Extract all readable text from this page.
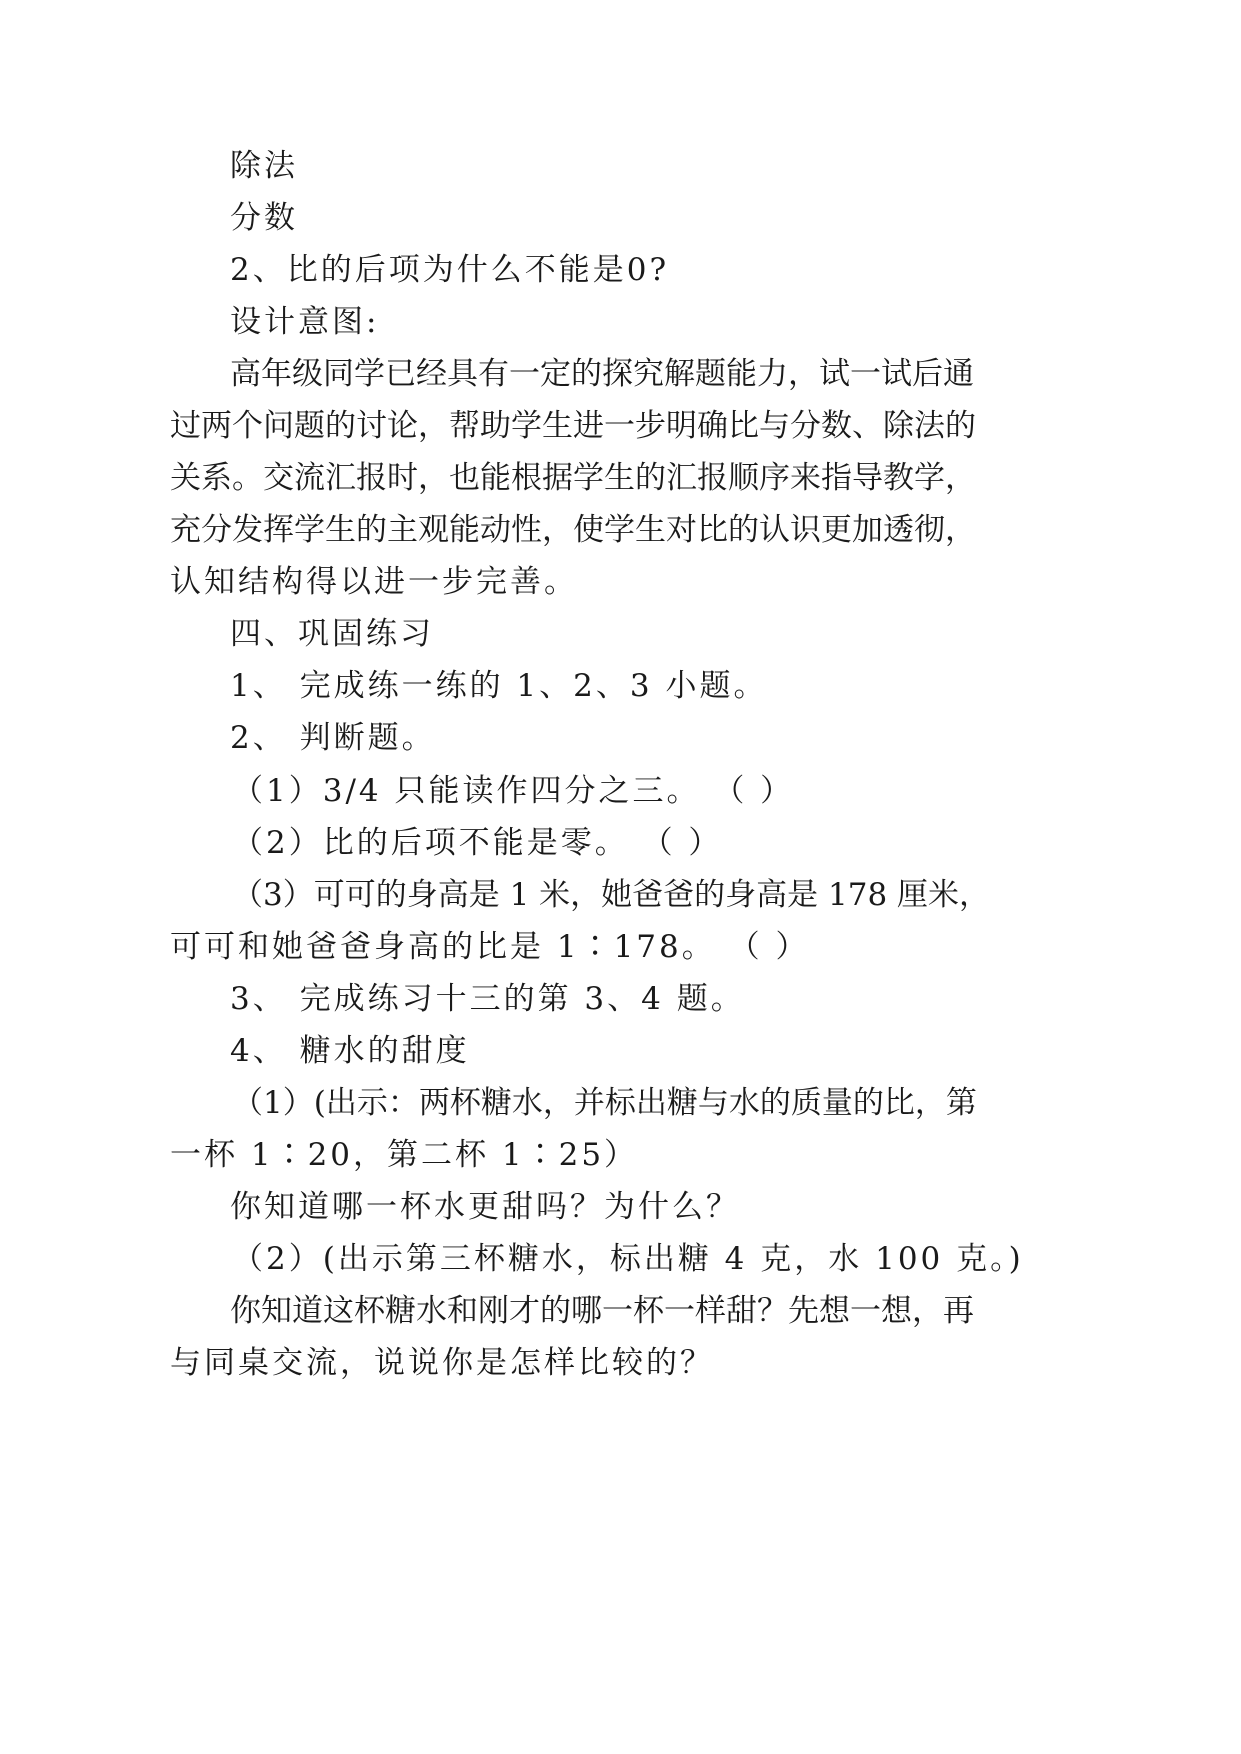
除法
分数
2、比的后项为什么不能是0?
设计意图:
高年级同学已经具有一定的探究解题能力，试一试后通
过两个问题的讨论，帮助学生进一步明确比与分数、除法的
关系。交流汇报时，也能根据学生的汇报顺序来指导教学，
充分发挥学生的主观能动性，使学生对比的认识更加透彻，
认知结构得以进一步完善。
四、巩固练习
1、 完成练一练的 1、2、3 小题。
2、 判断题。
（1）3/4 只能读作四分之三。 （ ）
（2）比的后项不能是零。 （ ）
（3）可可的身高是 1 米，她爸爸的身高是 178 厘米，
可可和她爸爸身高的比是 1∶178。 （ ）
3、 完成练习十三的第 3、4 题。
4、 糖水的甜度
（1）(出示：两杯糖水，并标出糖与水的质量的比，第
一杯 1∶20，第二杯 1∶25）
你知道哪一杯水更甜吗？为什么？
（2）(出示第三杯糖水，标出糖 4 克，水 100 克。)
你知道这杯糖水和刚才的哪一杯一样甜？先想一想，再
与同桌交流，说说你是怎样比较的？
